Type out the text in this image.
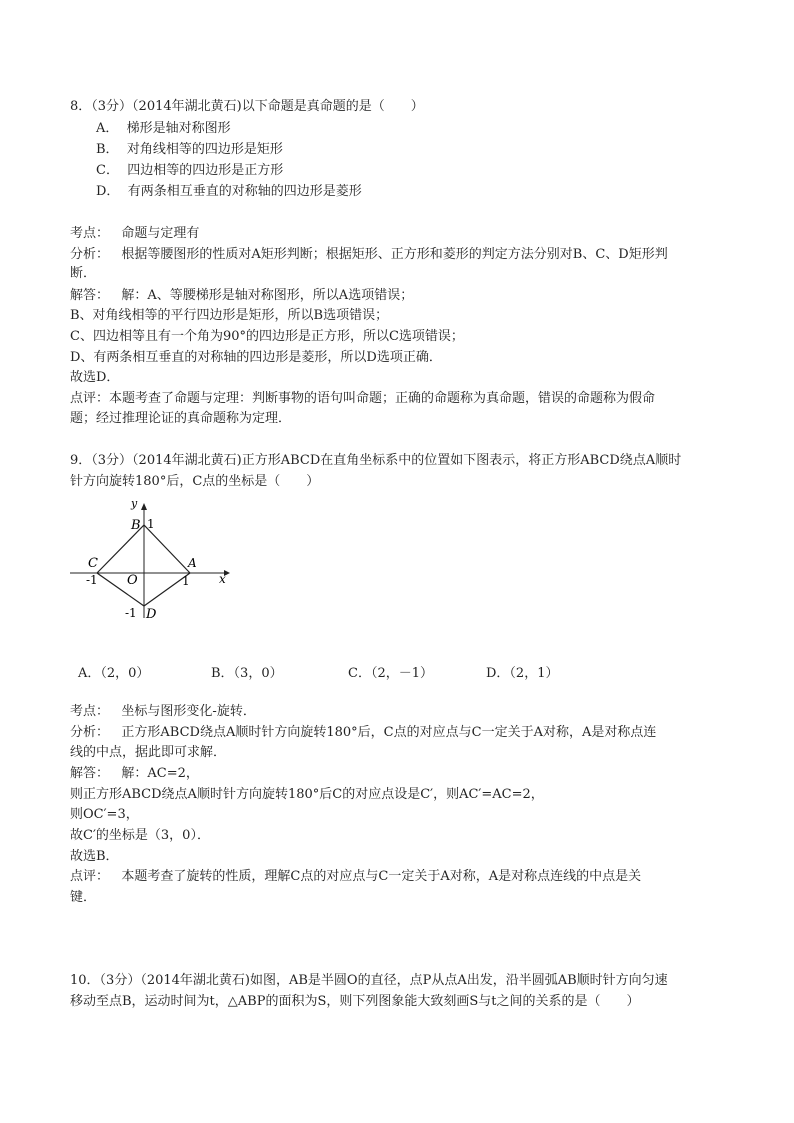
8．（3分）（2014年湖北黄石)以下命题是真命题的是（　　）
A． 梯形是轴对称图形
B． 对角线相等的四边形是矩形
C． 四边相等的四边形是正方形
D． 有两条相互垂直的对称轴的四边形是菱形
考点： 命题与定理有
分析： 根据等腰图形的性质对A矩形判断；根据矩形、正方形和菱形的判定方法分别对B、C、D矩形判
断．
解答： 解：A、等腰梯形是轴对称图形，所以A选项错误；
B、对角线相等的平行四边形是矩形，所以B选项错误；
C、四边相等且有一个角为90°的四边形是正方形，所以C选项错误；
D、有两条相互垂直的对称轴的四边形是菱形，所以D选项正确．
故选D．
点评：本题考查了命题与定理：判断事物的语句叫命题；正确的命题称为真命题，错误的命题称为假命
题；经过推理论证的真命题称为定理．
9．（3分）（2014年湖北黄石)正方形ABCD在直角坐标系中的位置如下图表示，将正方形ABCD绕点A顺时
针方向旋转180°后，C点的坐标是（　　）
y
x
B 1
C	A
-1 O	1
-1 D
A．（2，0）	B．（3，0）	C．（2，－1）	D．（2，1）
考点： 坐标与图形变化-旋转．
分析： 正方形ABCD绕点A顺时针方向旋转180°后，C点的对应点与C一定关于A对称，A是对称点连
线的中点，据此即可求解．
解答： 解：AC=2，
则正方形ABCD绕点A顺时针方向旋转180°后C的对应点设是C′，则AC′=AC=2，
则OC′=3，
故C′的坐标是（3，0）．
故选B．
点评： 本题考查了旋转的性质，理解C点的对应点与C一定关于A对称，A是对称点连线的中点是关
键．
10．（3分）（2014年湖北黄石)如图，AB是半圆O的直径，点P从点A出发，沿半圆弧AB顺时针方向匀速
移动至点B，运动时间为t，△ABP的面积为S，则下列图象能大致刻画S与t之间的关系的是（　　）
